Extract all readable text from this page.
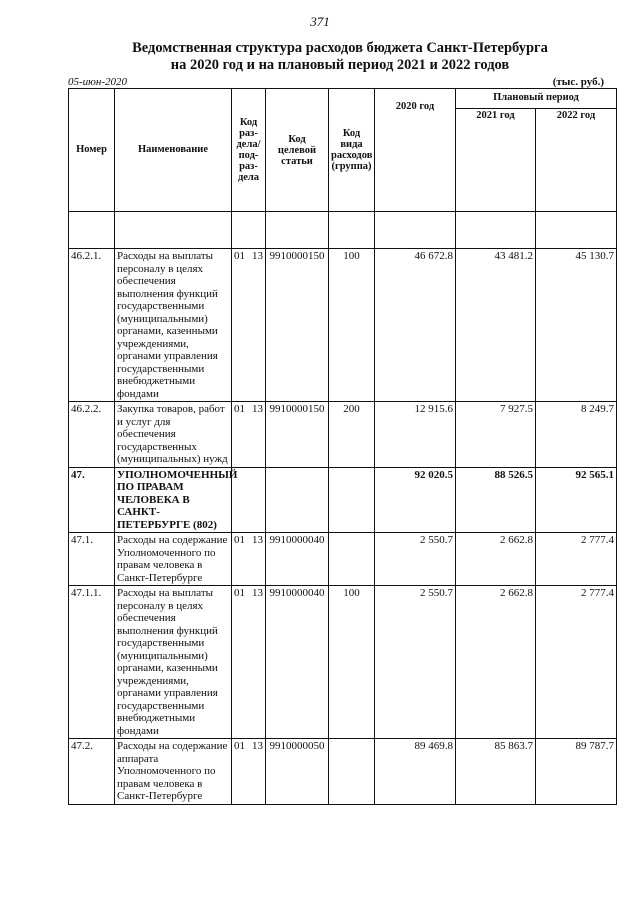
371
Ведомственная структура расходов бюджета Санкт-Петербурга
на 2020 год и на плановый период 2021 и 2022 годов
05-июн-2020	(тыс. руб.)
Номер	Наименование	Код раз-дела/ под-раз-дела	Код целевой статьи	Код вида расходов (группа)	2020 год	Плановый период	
						2021 год	2022 год

46.2.1.	Расходы на выплаты персоналу в целях обеспечения выполнения функций государственными (муниципальными) органами, казенными учреждениями, органами управления государственными внебюджетными фондами	01 13	9910000150	100	46 672.8	43 481.2	45 130.7
46.2.2.	Закупка товаров, работ и услуг для обеспечения государственных (муниципальных) нужд	01 13	9910000150	200	12 915.6	7 927.5	8 249.7
47.	УПОЛНОМОЧЕННЫЙ ПО ПРАВАМ ЧЕЛОВЕКА В САНКТ-ПЕТЕРБУРГЕ (802)				92 020.5	88 526.5	92 565.1
47.1.	Расходы на содержание Уполномоченного по правам человека в Санкт-Петербурге	01 13	9910000040		2 550.7	2 662.8	2 777.4
47.1.1.	Расходы на выплаты персоналу в целях обеспечения выполнения функций государственными (муниципальными) органами, казенными учреждениями, органами управления государственными внебюджетными фондами	01 13	9910000040	100	2 550.7	2 662.8	2 777.4
47.2.	Расходы на содержание аппарата Уполномоченного по правам человека в Санкт-Петербурге	01 13	9910000050		89 469.8	85 863.7	89 787.7
